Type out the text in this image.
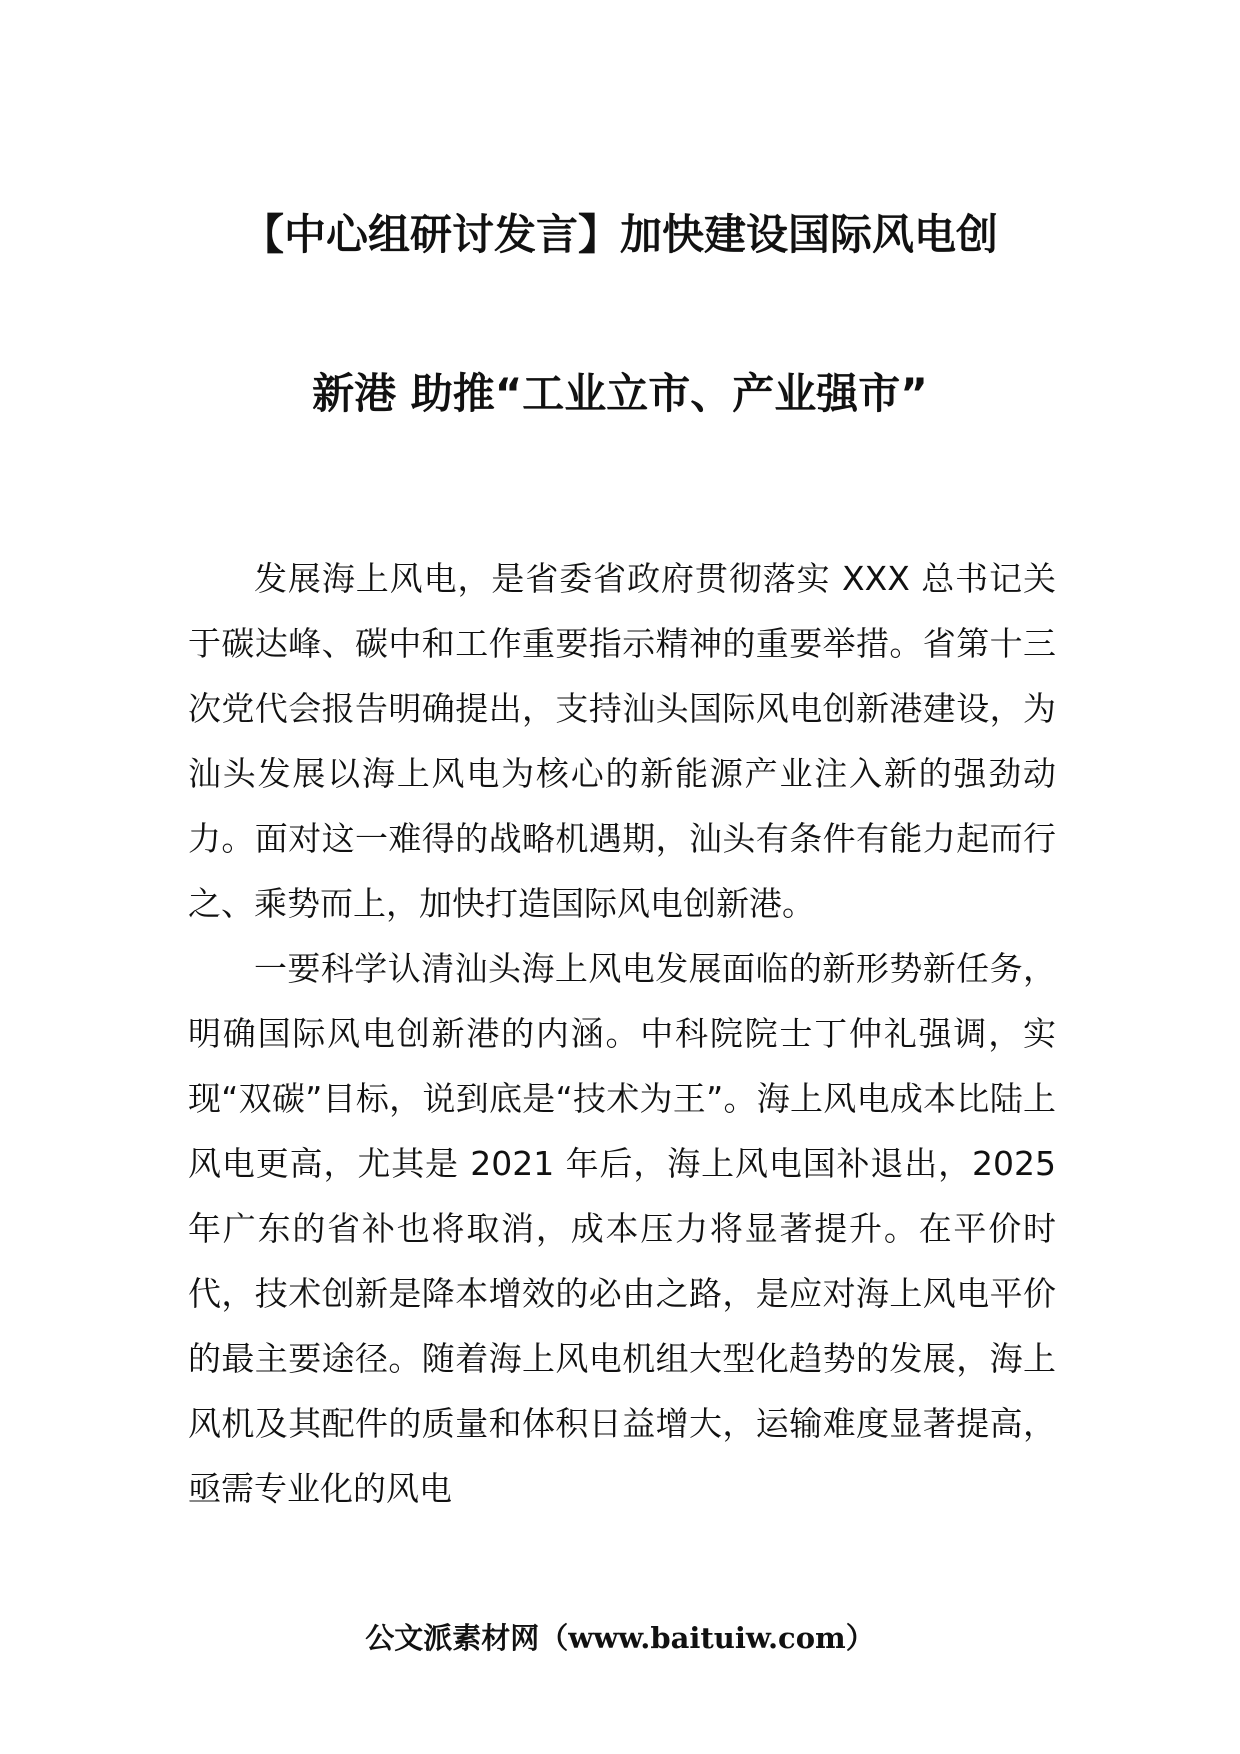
【中心组研讨发言】加快建设国际风电创
新港 助推“工业立市、产业强市”

发展海上风电，是省委省政府贯彻落实 XXX 总书记关于碳达峰、碳中和工作重要指示精神的重要举措。省第十三次党代会报告明确提出，支持汕头国际风电创新港建设，为汕头发展以海上风电为核心的新能源产业注入新的强劲动力。面对这一难得的战略机遇期，汕头有条件有能力起而行之、乘势而上，加快打造国际风电创新港。

一要科学认清汕头海上风电发展面临的新形势新任务，明确国际风电创新港的内涵。中科院院士丁仲礼强调，实现“双碳”目标，说到底是“技术为王”。海上风电成本比陆上风电更高，尤其是 2021 年后，海上风电国补退出，2025 年广东的省补也将取消，成本压力将显著提升。在平价时代，技术创新是降本增效的必由之路，是应对海上风电平价的最主要途径。随着海上风电机组大型化趋势的发展，海上风机及其配件的质量和体积日益增大，运输难度显著提高，亟需专业化的风电

公文派素材网（www.baituiw.com）
